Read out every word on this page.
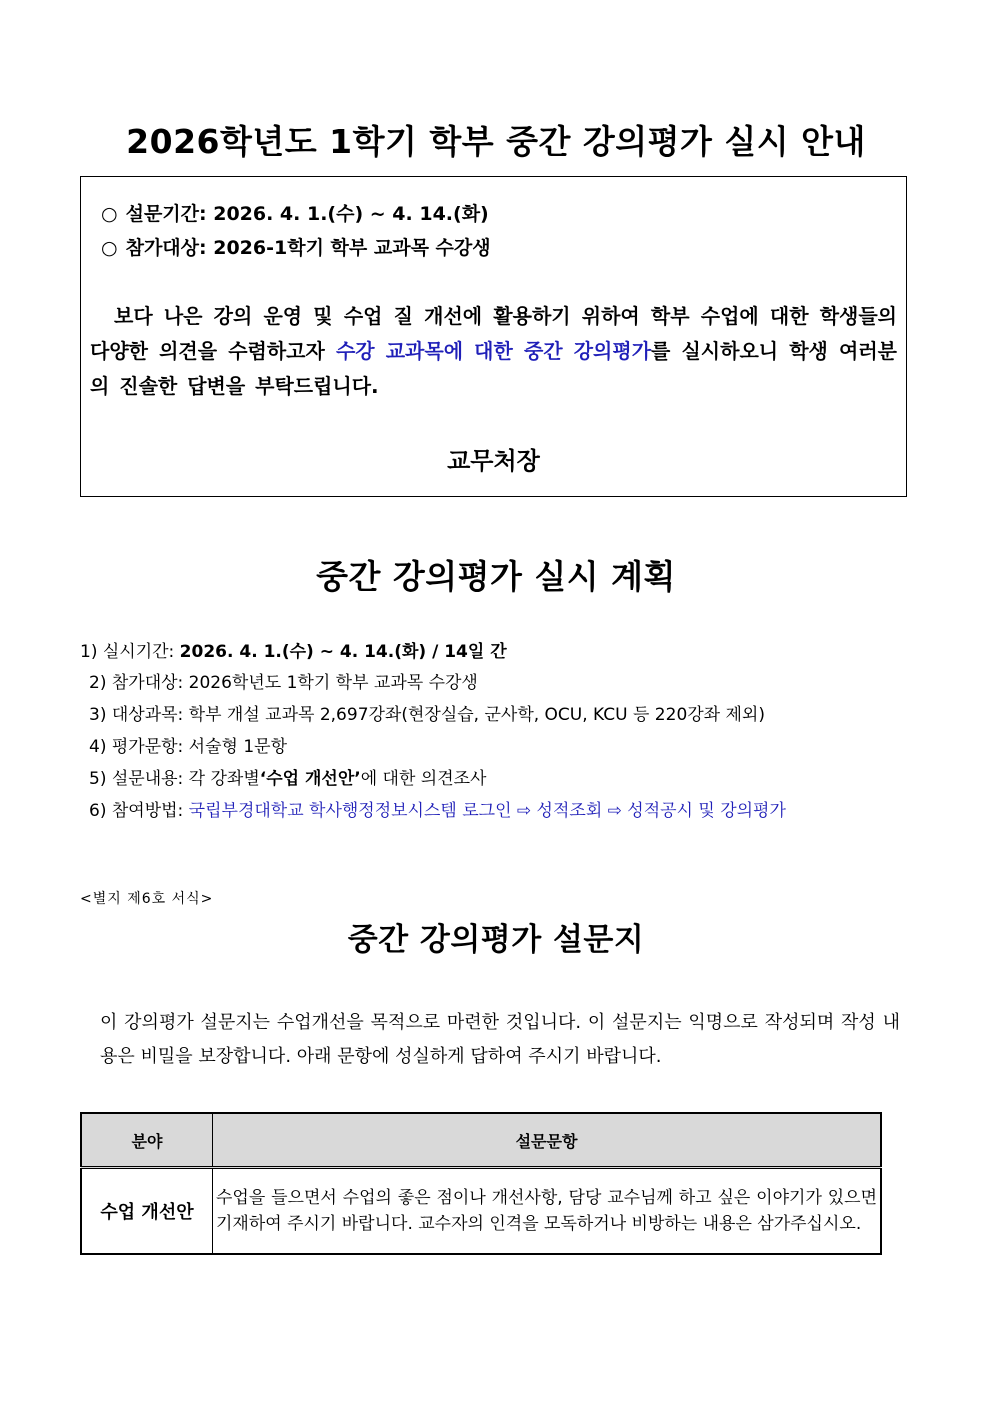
2026학년도 1학기 학부 중간 강의평가 실시 안내
○ 설문기간: 2026. 4. 1.(수) ~ 4. 14.(화)
○ 참가대상: 2026-1학기 학부 교과목 수강생
보다 나은 강의 운영 및 수업 질 개선에 활용하기 위하여 학부 수업에 대한 학생들의 다양한 의견을 수렴하고자 수강 교과목에 대한 중간 강의평가를 실시하오니 학생 여러분의 진솔한 답변을 부탁드립니다.
교무처장
중간 강의평가 실시 계획
1) 실시기간: 2026. 4. 1.(수) ~ 4. 14.(화) / 14일 간
2) 참가대상: 2026학년도 1학기 학부 교과목 수강생
3) 대상과목: 학부 개설 교과목 2,697강좌(현장실습, 군사학, OCU, KCU 등 220강좌 제외)
4) 평가문항: 서술형 1문항
5) 설문내용: 각 강좌별‘수업 개선안’에 대한 의견조사
6) 참여방법: 국립부경대학교 학사행정정보시스템 로그인 ⇨ 성적조회 ⇨ 성적공시 및 강의평가
<별지 제6호 서식>
중간 강의평가 설문지
이 강의평가 설문지는 수업개선을 목적으로 마련한 것입니다. 이 설문지는 익명으로 작성되며 작성 내용은 비밀을 보장합니다. 아래 문항에 성실하게 답하여 주시기 바랍니다.
분야	설문문항
수업 개선안	수업을 들으면서 수업의 좋은 점이나 개선사항, 담당 교수님께 하고 싶은 이야기가 있으면 기재하여 주시기 바랍니다. 교수자의 인격을 모독하거나 비방하는 내용은 삼가주십시오.
